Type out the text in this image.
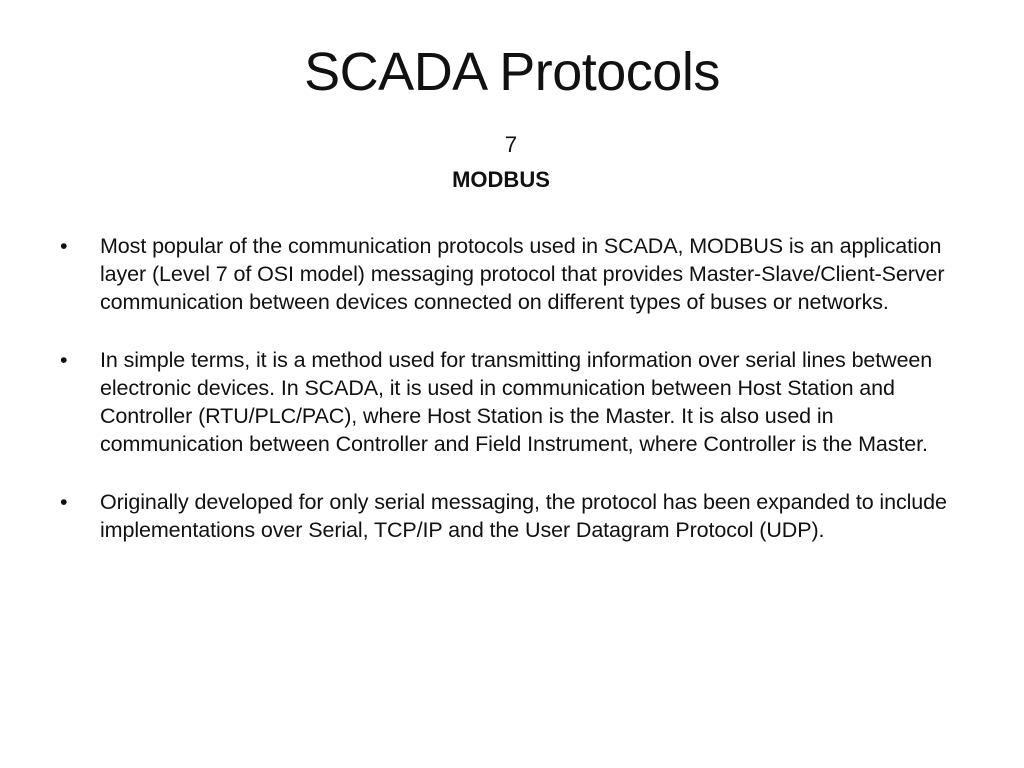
SCADA Protocols
7
MODBUS
•	Most popular of the communication protocols used in SCADA, MODBUS is an application layer (Level 7 of OSI model) messaging protocol that provides Master-Slave/Client-Server communication between devices connected on different types of buses or networks.
•	In simple terms, it is a method used for transmitting information over serial lines between electronic devices. In SCADA, it is used in communication between Host Station and Controller (RTU/PLC/PAC), where Host Station is the Master. It is also used in communication between Controller and Field Instrument, where Controller is the Master.
•	Originally developed for only serial messaging, the protocol has been expanded to include implementations over Serial, TCP/IP and the User Datagram Protocol (UDP).
